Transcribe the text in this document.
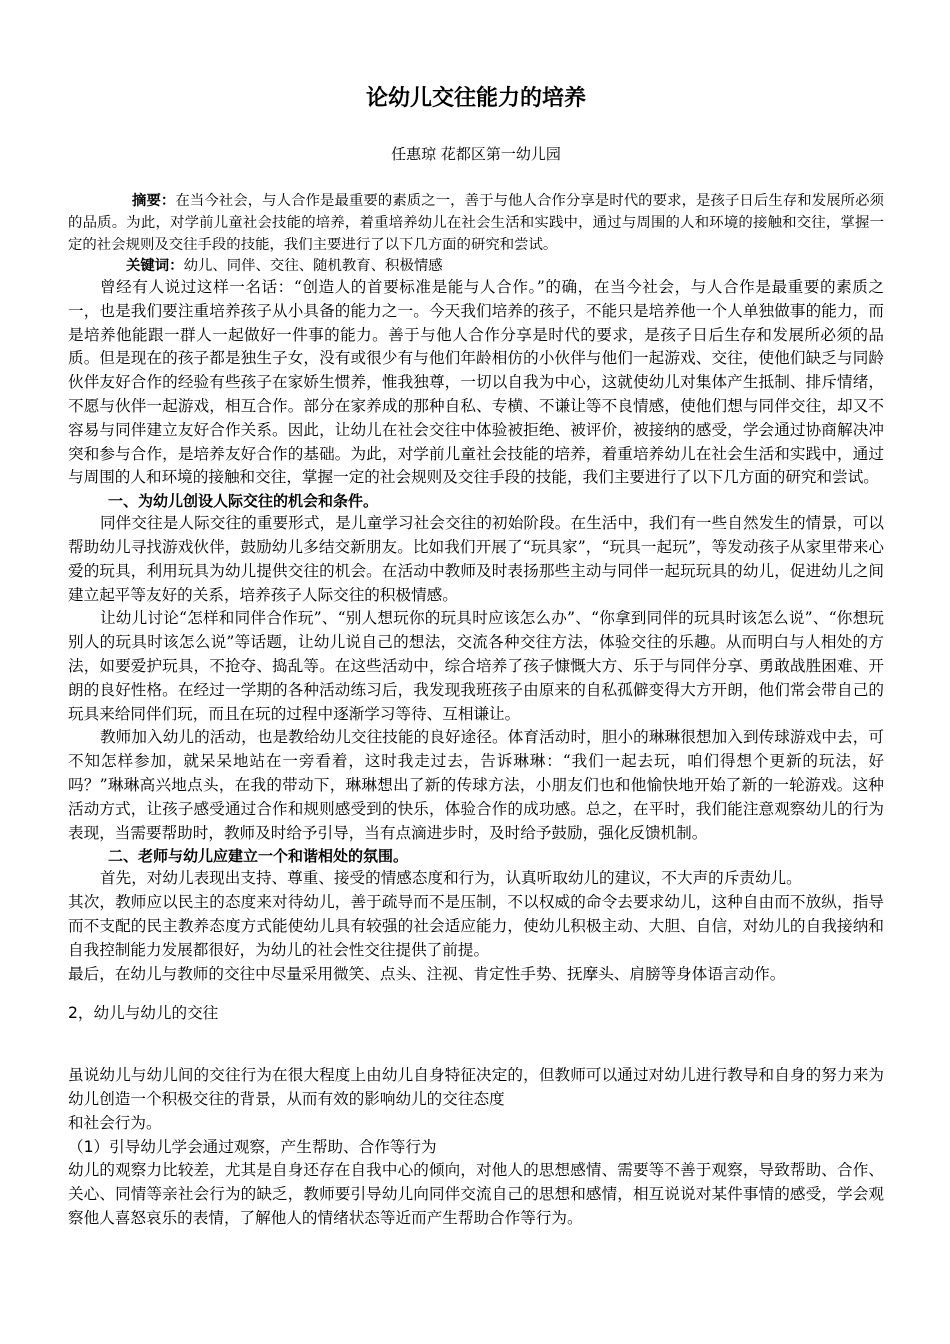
论幼儿交往能力的培养
任惠琼 花都区第一幼儿园

摘要：在当今社会，与人合作是最重要的素质之一，善于与他人合作分享是时代的要求，是孩子日后生存和发展所必须的品质。为此，对学前儿童社会技能的培养，着重培养幼儿在社会生活和实践中，通过与周围的人和环境的接触和交往，掌握一定的社会规则及交往手段的技能，我们主要进行了以下几方面的研究和尝试。

关键词：幼儿、同伴、交往、随机教育、积极情感

曾经有人说过这样一名话：“创造人的首要标准是能与人合作。”的确，在当今社会，与人合作是最重要的素质之一，也是我们要注重培养孩子从小具备的能力之一。今天我们培养的孩子，不能只是培养他一个人单独做事的能力，而是培养他能跟一群人一起做好一件事的能力。善于与他人合作分享是时代的要求，是孩子日后生存和发展所必须的品质。但是现在的孩子都是独生子女，没有或很少有与他们年龄相仿的小伙伴与他们一起游戏、交往，使他们缺乏与同龄伙伴友好合作的经验有些孩子在家娇生惯养，惟我独尊，一切以自我为中心，这就使幼儿对集体产生抵制、排斥情绪，不愿与伙伴一起游戏，相互合作。部分在家养成的那种自私、专横、不谦让等不良情感，使他们想与同伴交往，却又不容易与同伴建立友好合作关系。因此，让幼儿在社会交往中体验被拒绝、被评价，被接纳的感受，学会通过协商解决冲突和参与合作，是培养友好合作的基础。为此，对学前儿童社会技能的培养，着重培养幼儿在社会生活和实践中，通过与周围的人和环境的接触和交往，掌握一定的社会规则及交往手段的技能，我们主要进行了以下几方面的研究和尝试。

一、为幼儿创设人际交往的机会和条件。

同伴交往是人际交往的重要形式，是儿童学习社会交往的初始阶段。在生活中，我们有一些自然发生的情景，可以帮助幼儿寻找游戏伙伴，鼓励幼儿多结交新朋友。比如我们开展了“玩具家”，“玩具一起玩”，等发动孩子从家里带来心爱的玩具，利用玩具为幼儿提供交往的机会。在活动中教师及时表扬那些主动与同伴一起玩玩具的幼儿，促进幼儿之间建立起平等友好的关系，培养孩子人际交往的积极情感。

让幼儿讨论“怎样和同伴合作玩”、“别人想玩你的玩具时应该怎么办”、“你拿到同伴的玩具时该怎么说”、“你想玩别人的玩具时该怎么说”等话题，让幼儿说自己的想法，交流各种交往方法，体验交往的乐趣。从而明白与人相处的方法，如要爱护玩具，不抢夺、捣乱等。在这些活动中，综合培养了孩子慷慨大方、乐于与同伴分享、勇敢战胜困难、开朗的良好性格。在经过一学期的各种活动练习后，我发现我班孩子由原来的自私孤僻变得大方开朗，他们常会带自己的玩具来给同伴们玩，而且在玩的过程中逐渐学习等待、互相谦让。

教师加入幼儿的活动，也是教给幼儿交往技能的良好途径。体育活动时，胆小的琳琳很想加入到传球游戏中去，可不知怎样参加，就呆呆地站在一旁看着，这时我走过去，告诉琳琳：“我们一起去玩，咱们得想个更新的玩法，好吗？”琳琳高兴地点头，在我的带动下，琳琳想出了新的传球方法，小朋友们也和他愉快地开始了新的一轮游戏。这种活动方式，让孩子感受通过合作和规则感受到的快乐，体验合作的成功感。总之，在平时，我们能注意观察幼儿的行为表现，当需要帮助时，教师及时给予引导，当有点滴进步时，及时给予鼓励，强化反馈机制。

二、老师与幼儿应建立一个和谐相处的氛围。

首先，对幼儿表现出支持、尊重、接受的情感态度和行为，认真听取幼儿的建议，不大声的斥责幼儿。

其次，教师应以民主的态度来对待幼儿，善于疏导而不是压制，不以权威的命令去要求幼儿，这种自由而不放纵，指导而不支配的民主教养态度方式能使幼儿具有较强的社会适应能力，使幼儿积极主动、大胆、自信，对幼儿的自我接纳和自我控制能力发展都很好，为幼儿的社会性交往提供了前提。

最后，在幼儿与教师的交往中尽量采用微笑、点头、注视、肯定性手势、抚摩头、肩膀等身体语言动作。

2，幼儿与幼儿的交往

虽说幼儿与幼儿间的交往行为在很大程度上由幼儿自身特征决定的，但教师可以通过对幼儿进行教导和自身的努力来为幼儿创造一个积极交往的背景，从而有效的影响幼儿的交往态度

和社会行为。

（1）引导幼儿学会通过观察，产生帮助、合作等行为

幼儿的观察力比较差，尤其是自身还存在自我中心的倾向，对他人的思想感情、需要等不善于观察，导致帮助、合作、关心、同情等亲社会行为的缺乏，教师要引导幼儿向同伴交流自己的思想和感情，相互说说对某件事情的感受，学会观察他人喜怒哀乐的表情，了解他人的情绪状态等近而产生帮助合作等行为。
